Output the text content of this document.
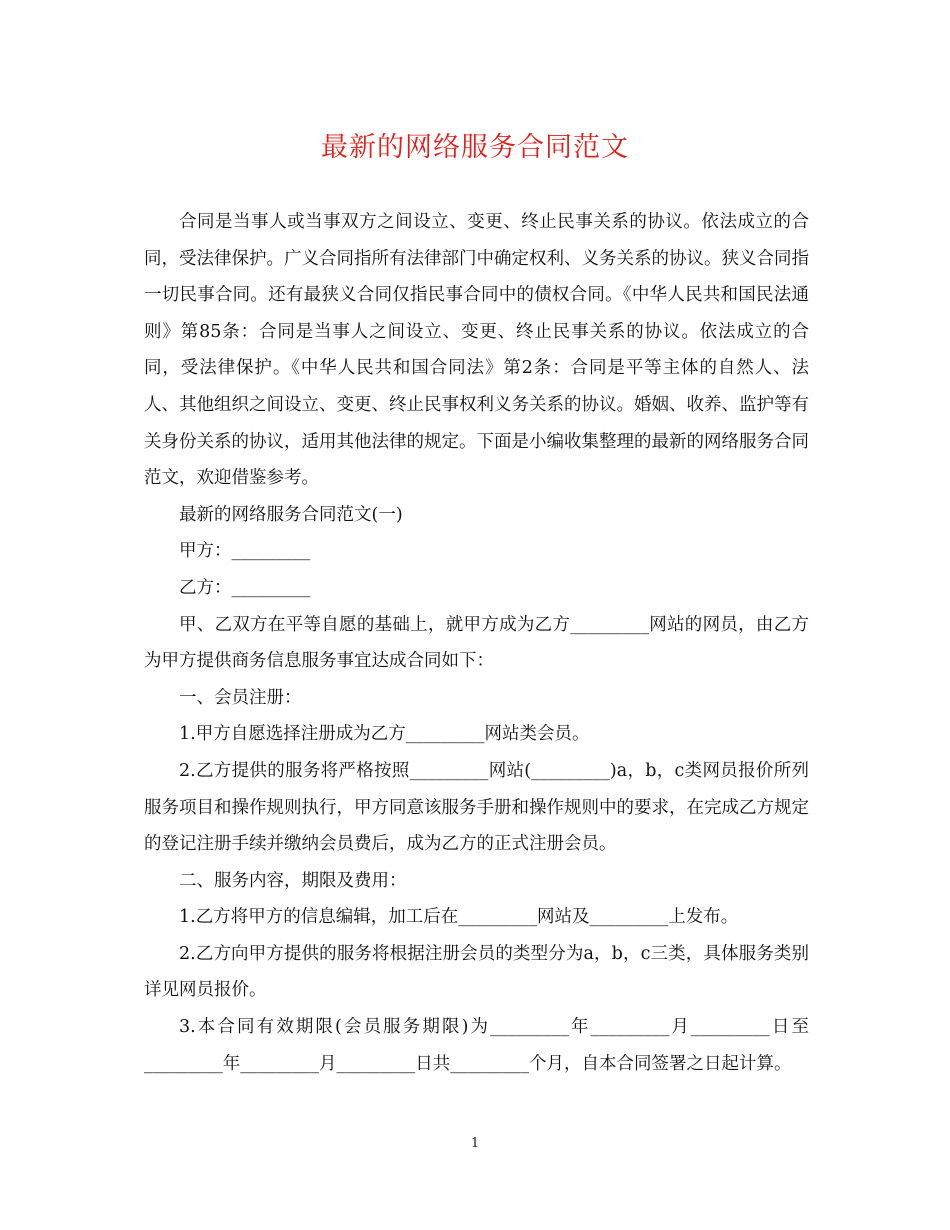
最新的网络服务合同范文

合同是当事人或当事双方之间设立、变更、终止民事关系的协议。依法成立的合同，受法律保护。广义合同指所有法律部门中确定权利、义务关系的协议。狭义合同指一切民事合同。还有最狭义合同仅指民事合同中的债权合同。《中华人民共和国民法通则》第85条：合同是当事人之间设立、变更、终止民事关系的协议。依法成立的合同，受法律保护。《中华人民共和国合同法》第2条：合同是平等主体的自然人、法人、其他组织之间设立、变更、终止民事权利义务关系的协议。婚姻、收养、监护等有关身份关系的协议，适用其他法律的规定。下面是小编收集整理的最新的网络服务合同范文，欢迎借鉴参考。

最新的网络服务合同范文(一)

甲方：_________

乙方：_________

甲、乙双方在平等自愿的基础上，就甲方成为乙方_________网站的网员，由乙方为甲方提供商务信息服务事宜达成合同如下：

一、会员注册：

1.甲方自愿选择注册成为乙方_________网站类会员。

2.乙方提供的服务将严格按照_________网站(_________)a，b，c类网员报价所列服务项目和操作规则执行，甲方同意该服务手册和操作规则中的要求，在完成乙方规定的登记注册手续并缴纳会员费后，成为乙方的正式注册会员。

二、服务内容，期限及费用：

1.乙方将甲方的信息编辑，加工后在_________网站及_________上发布。

2.乙方向甲方提供的服务将根据注册会员的类型分为a，b，c三类，具体服务类别详见网员报价。

3.本合同有效期限(会员服务期限)为_________年_________月_________日至_________年_________月_________日共_________个月，自本合同签署之日起计算。

1
